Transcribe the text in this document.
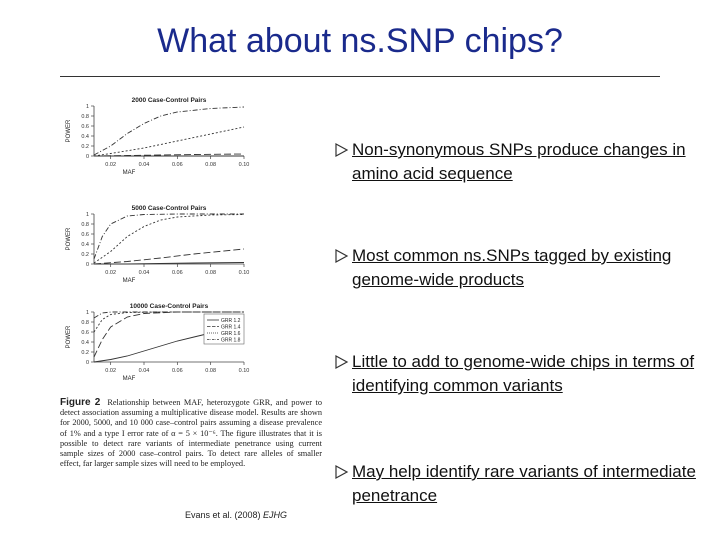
What about ns.SNP chips?
2000 Case-Control Pairs
0
0.2
0.4
0.6
0.8
1
0.02	0.04	0.06	0.08	0.10
MAF
POWER
5000 Case-Control Pairs
0
0.2
0.4
0.6
0.8
1
0.02	0.04	0.06	0.08	0.10
MAF
POWER
10000 Case-Control Pairs
0
0.2
0.4
0.6
0.8
1
0.02	0.04	0.06	0.08	0.10
MAF
POWER
GRR 1.2
GRR 1.4
GRR 1.6
GRR 1.8
Figure 2 Relationship between MAF, heterozygote GRR, and power to detect association assuming a multiplicative disease model. Results are shown for 2000, 5000, and 10 000 case–control pairs assuming a disease prevalence of 1% and a type I error rate of α = 5 × 10⁻⁶. The figure illustrates that it is possible to detect rare variants of intermediate penetrance using current sample sizes of 2000 case–control pairs. To detect rare alleles of smaller effect, far larger sample sizes will need to be employed.
Evans et al. (2008) EJHG
Non-synonymous SNPs produce changes in amino acid sequence
Most common ns.SNPs tagged by existing genome-wide products
Little to add to genome-wide chips in terms of identifying common variants
May help identify rare variants of intermediate penetrance
